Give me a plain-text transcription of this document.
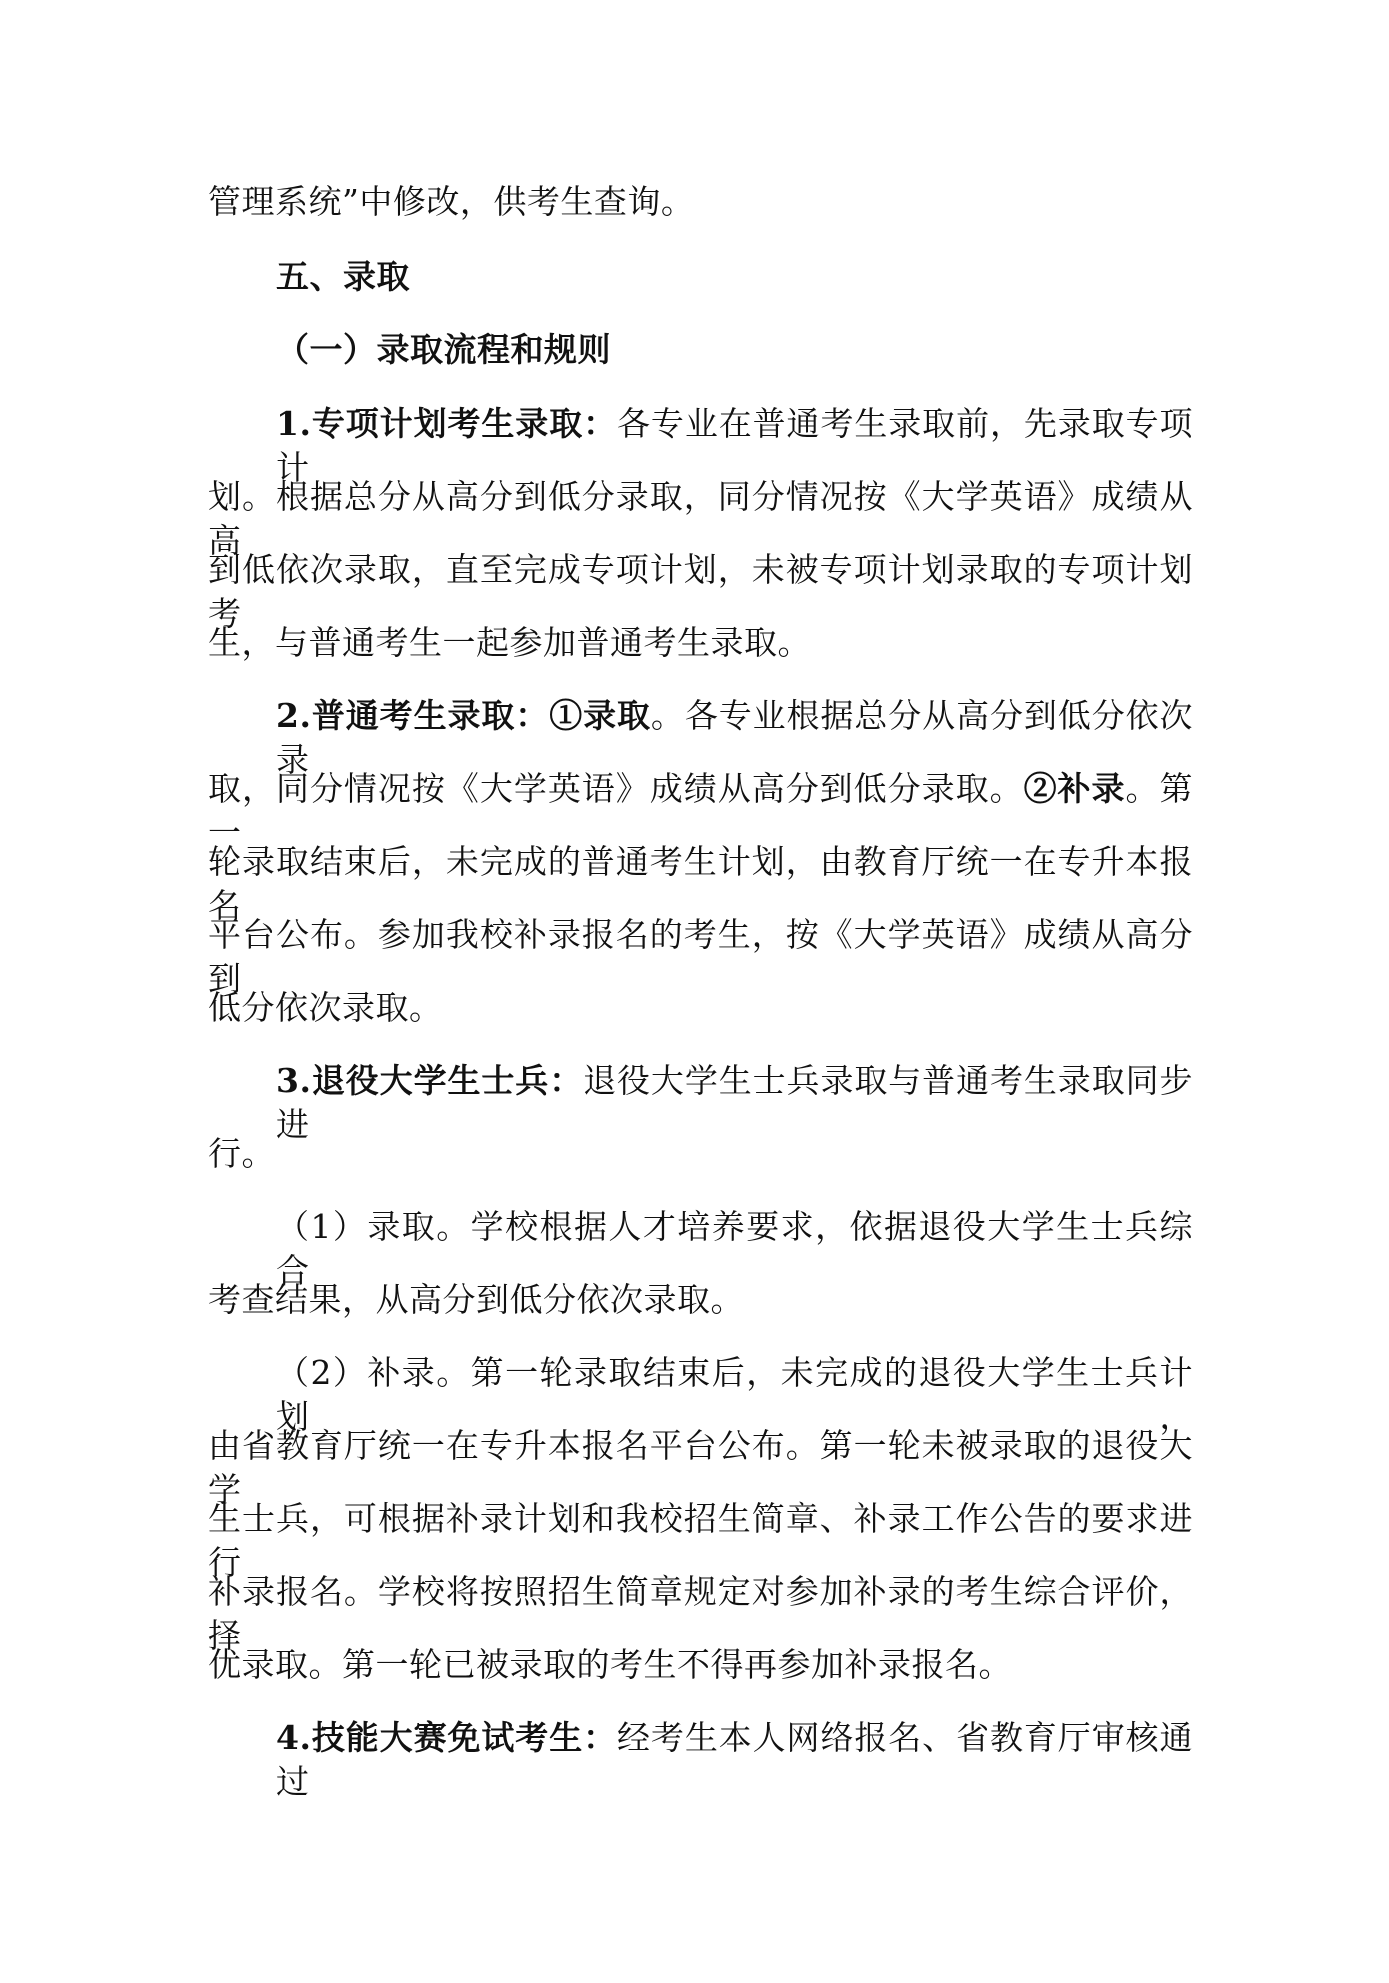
管理系统”中修改，供考生查询。
五、录取
（一）录取流程和规则
1.专项计划考生录取：各专业在普通考生录取前，先录取专项计
划。根据总分从高分到低分录取，同分情况按《大学英语》成绩从高
到低依次录取，直至完成专项计划，未被专项计划录取的专项计划考
生，与普通考生一起参加普通考生录取。
2.普通考生录取：①录取。各专业根据总分从高分到低分依次录
取，同分情况按《大学英语》成绩从高分到低分录取。②补录。第一
轮录取结束后，未完成的普通考生计划，由教育厅统一在专升本报名
平台公布。参加我校补录报名的考生，按《大学英语》成绩从高分到
低分依次录取。
3.退役大学生士兵：退役大学生士兵录取与普通考生录取同步进
行。
（1）录取。学校根据人才培养要求，依据退役大学生士兵综合
考查结果，从高分到低分依次录取。
（2）补录。第一轮录取结束后，未完成的退役大学生士兵计划，
由省教育厅统一在专升本报名平台公布。第一轮未被录取的退役大学
生士兵，可根据补录计划和我校招生简章、补录工作公告的要求进行
补录报名。学校将按照招生简章规定对参加补录的考生综合评价，择
优录取。第一轮已被录取的考生不得再参加补录报名。
4.技能大赛免试考生：经考生本人网络报名、省教育厅审核通过
